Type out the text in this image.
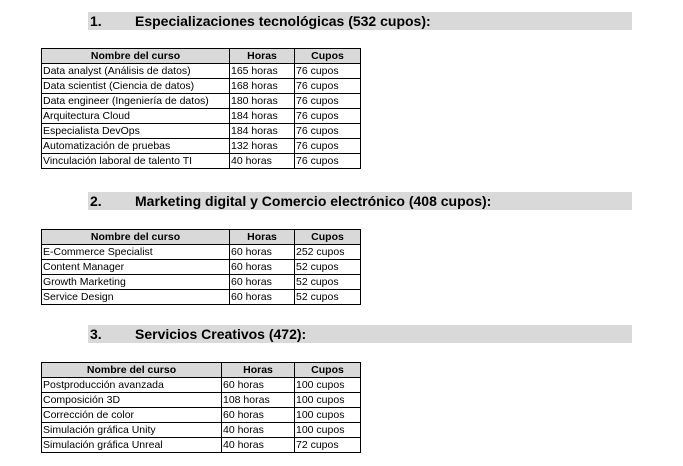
1. Especializaciones tecnológicas (532 cupos):
Nombre del curso	Horas	Cupos
Data analyst (Análisis de datos)	165 horas	76 cupos
Data scientist (Ciencia de datos)	168 horas	76 cupos
Data engineer (Ingeniería de datos)	180 horas	76 cupos
Arquitectura Cloud	184 horas	76 cupos
Especialista DevOps	184 horas	76 cupos
Automatización de pruebas	132 horas	76 cupos
Vinculación laboral de talento TI	40 horas	76 cupos
2. Marketing digital y Comercio electrónico (408 cupos):
Nombre del curso	Horas	Cupos
E-Commerce Specialist	60 horas	252 cupos
Content Manager	60 horas	52 cupos
Growth Marketing	60 horas	52 cupos
Service Design	60 horas	52 cupos
3. Servicios Creativos (472):
Nombre del curso	Horas	Cupos
Postproducción avanzada	60 horas	100 cupos
Composición 3D	108 horas	100 cupos
Corrección de color	60 horas	100 cupos
Simulación gráfica Unity	40 horas	100 cupos
Simulación gráfica Unreal	40 horas	72 cupos
